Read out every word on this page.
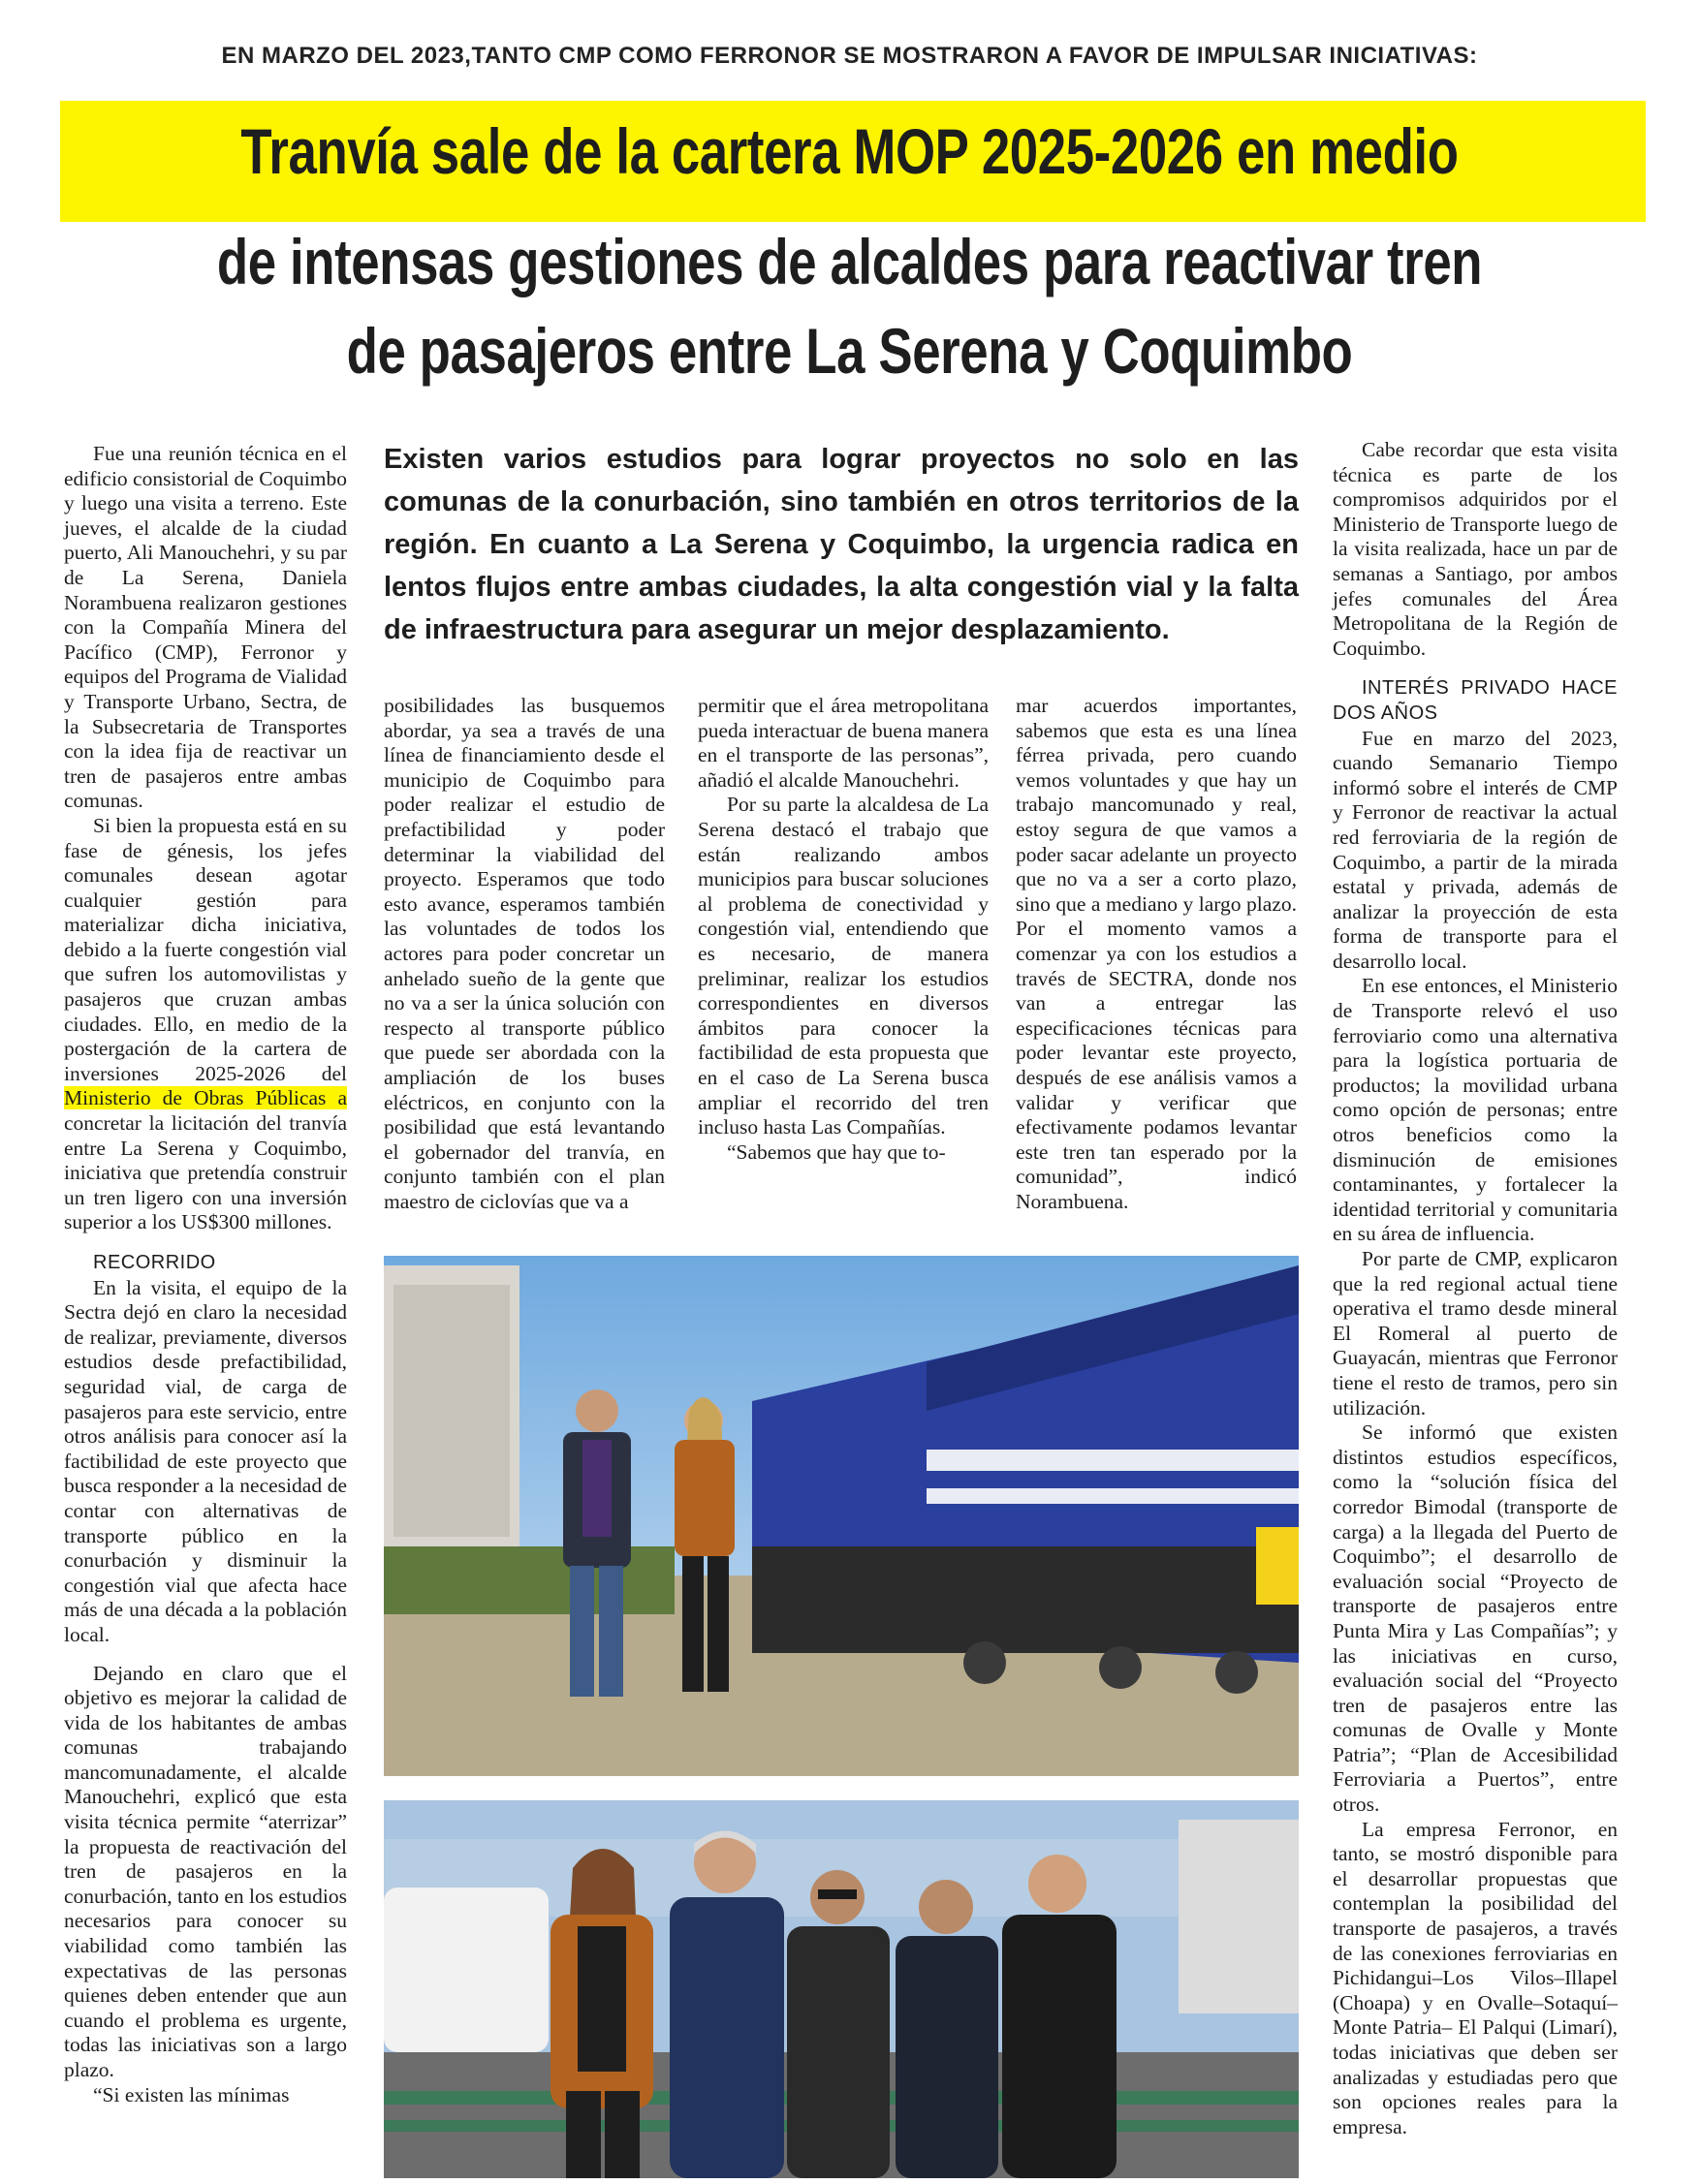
EN MARZO DEL 2023,TANTO CMP COMO FERRONOR SE MOSTRARON A FAVOR DE IMPULSAR INICIATIVAS:
Tranvía sale de la cartera MOP 2025-2026 en medio
de intensas gestiones de alcaldes para reactivar tren
de pasajeros entre La Serena y Coquimbo

Fue una reunión técnica en el edificio consistorial de Coquimbo y luego una visita a terreno. Este jueves, el alcalde de la ciudad puerto, Ali Manouchehri, y su par de La Serena, Daniela Norambuena realizaron gestiones con la Compañía Minera del Pacífico (CMP), Ferronor y equipos del Programa de Vialidad y Transporte Urbano, Sectra, de la Subsecretaria de Transportes con la idea fija de reactivar un tren de pasajeros entre ambas comunas.

Si bien la propuesta está en su fase de génesis, los jefes comunales desean agotar cualquier gestión para materializar dicha iniciativa, debido a la fuerte congestión vial que sufren los automovilistas y pasajeros que cruzan ambas ciudades. Ello, en medio de la postergación de la cartera de inversiones 2025-2026 del Ministerio de Obras Públicas a concretar la licitación del tranvía entre La Serena y Coquimbo, iniciativa que pretendía construir un tren ligero con una inversión superior a los US$300 millones.

RECORRIDO

En la visita, el equipo de la Sectra dejó en claro la necesidad de realizar, previamente, diversos estudios desde prefactibilidad, seguridad vial, de carga de pasajeros para este servicio, entre otros análisis para conocer así la factibilidad de este proyecto que busca responder a la necesidad de contar con alternativas de transporte público en la conurbación y disminuir la congestión vial que afecta hace más de una década a la población local.

Dejando en claro que el objetivo es mejorar la calidad de vida de los habitantes de ambas comunas trabajando mancomunadamente, el alcalde Manouchehri, explicó que esta visita técnica permite “aterrizar” la propuesta de reactivación del tren de pasajeros en la conurbación, tanto en los estudios necesarios para conocer su viabilidad como también las expectativas de las personas quienes deben entender que aun cuando el problema es urgente, todas las iniciativas son a largo plazo.

“Si existen las mínimas

Existen varios estudios para lograr proyectos no solo en las comunas de la conurbación, sino también en otros territorios de la región. En cuanto a La Serena y Coquimbo, la urgencia radica en lentos flujos entre ambas ciudades, la alta congestión vial y la falta de infraestructura para asegurar un mejor desplazamiento.

posibilidades las busquemos abordar, ya sea a través de una línea de financiamiento desde el municipio de Coquimbo para poder realizar el estudio de prefactibilidad y poder determinar la viabilidad del proyecto. Esperamos que todo esto avance, esperamos también las voluntades de todos los actores para poder concretar un anhelado sueño de la gente que no va a ser la única solución con respecto al transporte público que puede ser abordada con la ampliación de los buses eléctricos, en conjunto con la posibilidad que está levantando el gobernador del tranvía, en conjunto también con el plan maestro de ciclovías que va a

permitir que el área metropolitana pueda interactuar de buena manera en el transporte de las personas”, añadió el alcalde Manouchehri.

Por su parte la alcaldesa de La Serena destacó el trabajo que están realizando ambos municipios para buscar soluciones al problema de conectividad y congestión vial, entendiendo que es necesario, de manera preliminar, realizar los estudios correspondientes en diversos ámbitos para conocer la factibilidad de esta propuesta que en el caso de La Serena busca ampliar el recorrido del tren incluso hasta Las Compañías.

“Sabemos que hay que to-

mar acuerdos importantes, sabemos que esta es una línea férrea privada, pero cuando vemos voluntades y que hay un trabajo mancomunado y real, estoy segura de que vamos a poder sacar adelante un proyecto que no va a ser a corto plazo, sino que a mediano y largo plazo. Por el momento vamos a comenzar ya con los estudios a través de SECTRA, donde nos van a entregar las especificaciones técnicas para poder levantar este proyecto, después de ese análisis vamos a validar y verificar que efectivamente podamos levantar este tren tan esperado por la comunidad”, indicó Norambuena.

Cabe recordar que esta visita técnica es parte de los compromisos adquiridos por el Ministerio de Transporte luego de la visita realizada, hace un par de semanas a Santiago, por ambos jefes comunales del Área Metropolitana de la Región de Coquimbo.

INTERÉS PRIVADO HACE DOS AÑOS

Fue en marzo del 2023, cuando Semanario Tiempo informó sobre el interés de CMP y Ferronor de reactivar la actual red ferroviaria de la región de Coquimbo, a partir de la mirada estatal y privada, además de analizar la proyección de esta forma de transporte para el desarrollo local.

En ese entonces, el Ministerio de Transporte relevó el uso ferroviario como una alternativa para la logística portuaria de productos; la movilidad urbana como opción de personas; entre otros beneficios como la disminución de emisiones contaminantes, y fortalecer la identidad territorial y comunitaria en su área de influencia.

Por parte de CMP, explicaron que la red regional actual tiene operativa el tramo desde mineral El Romeral al puerto de Guayacán, mientras que Ferronor tiene el resto de tramos, pero sin utilización.

Se informó que existen distintos estudios específicos, como la “solución física del corredor Bimodal (transporte de carga) a la llegada del Puerto de Coquimbo”; el desarrollo de evaluación social “Proyecto de transporte de pasajeros entre Punta Mira y Las Compañías”; y las iniciativas en curso, evaluación social del “Proyecto tren de pasajeros entre las comunas de Ovalle y Monte Patria”; “Plan de Accesibilidad Ferroviaria a Puertos”, entre otros.

La empresa Ferronor, en tanto, se mostró disponible para el desarrollar propuestas que contemplan la posibilidad del transporte de pasajeros, a través de las conexiones ferroviarias en Pichidangui–Los Vilos–Illapel (Choapa) y en Ovalle–Sotaquí–Monte Patria– El Palqui (Limarí), todas iniciativas que deben ser analizadas y estudiadas pero que son opciones reales para la empresa.
